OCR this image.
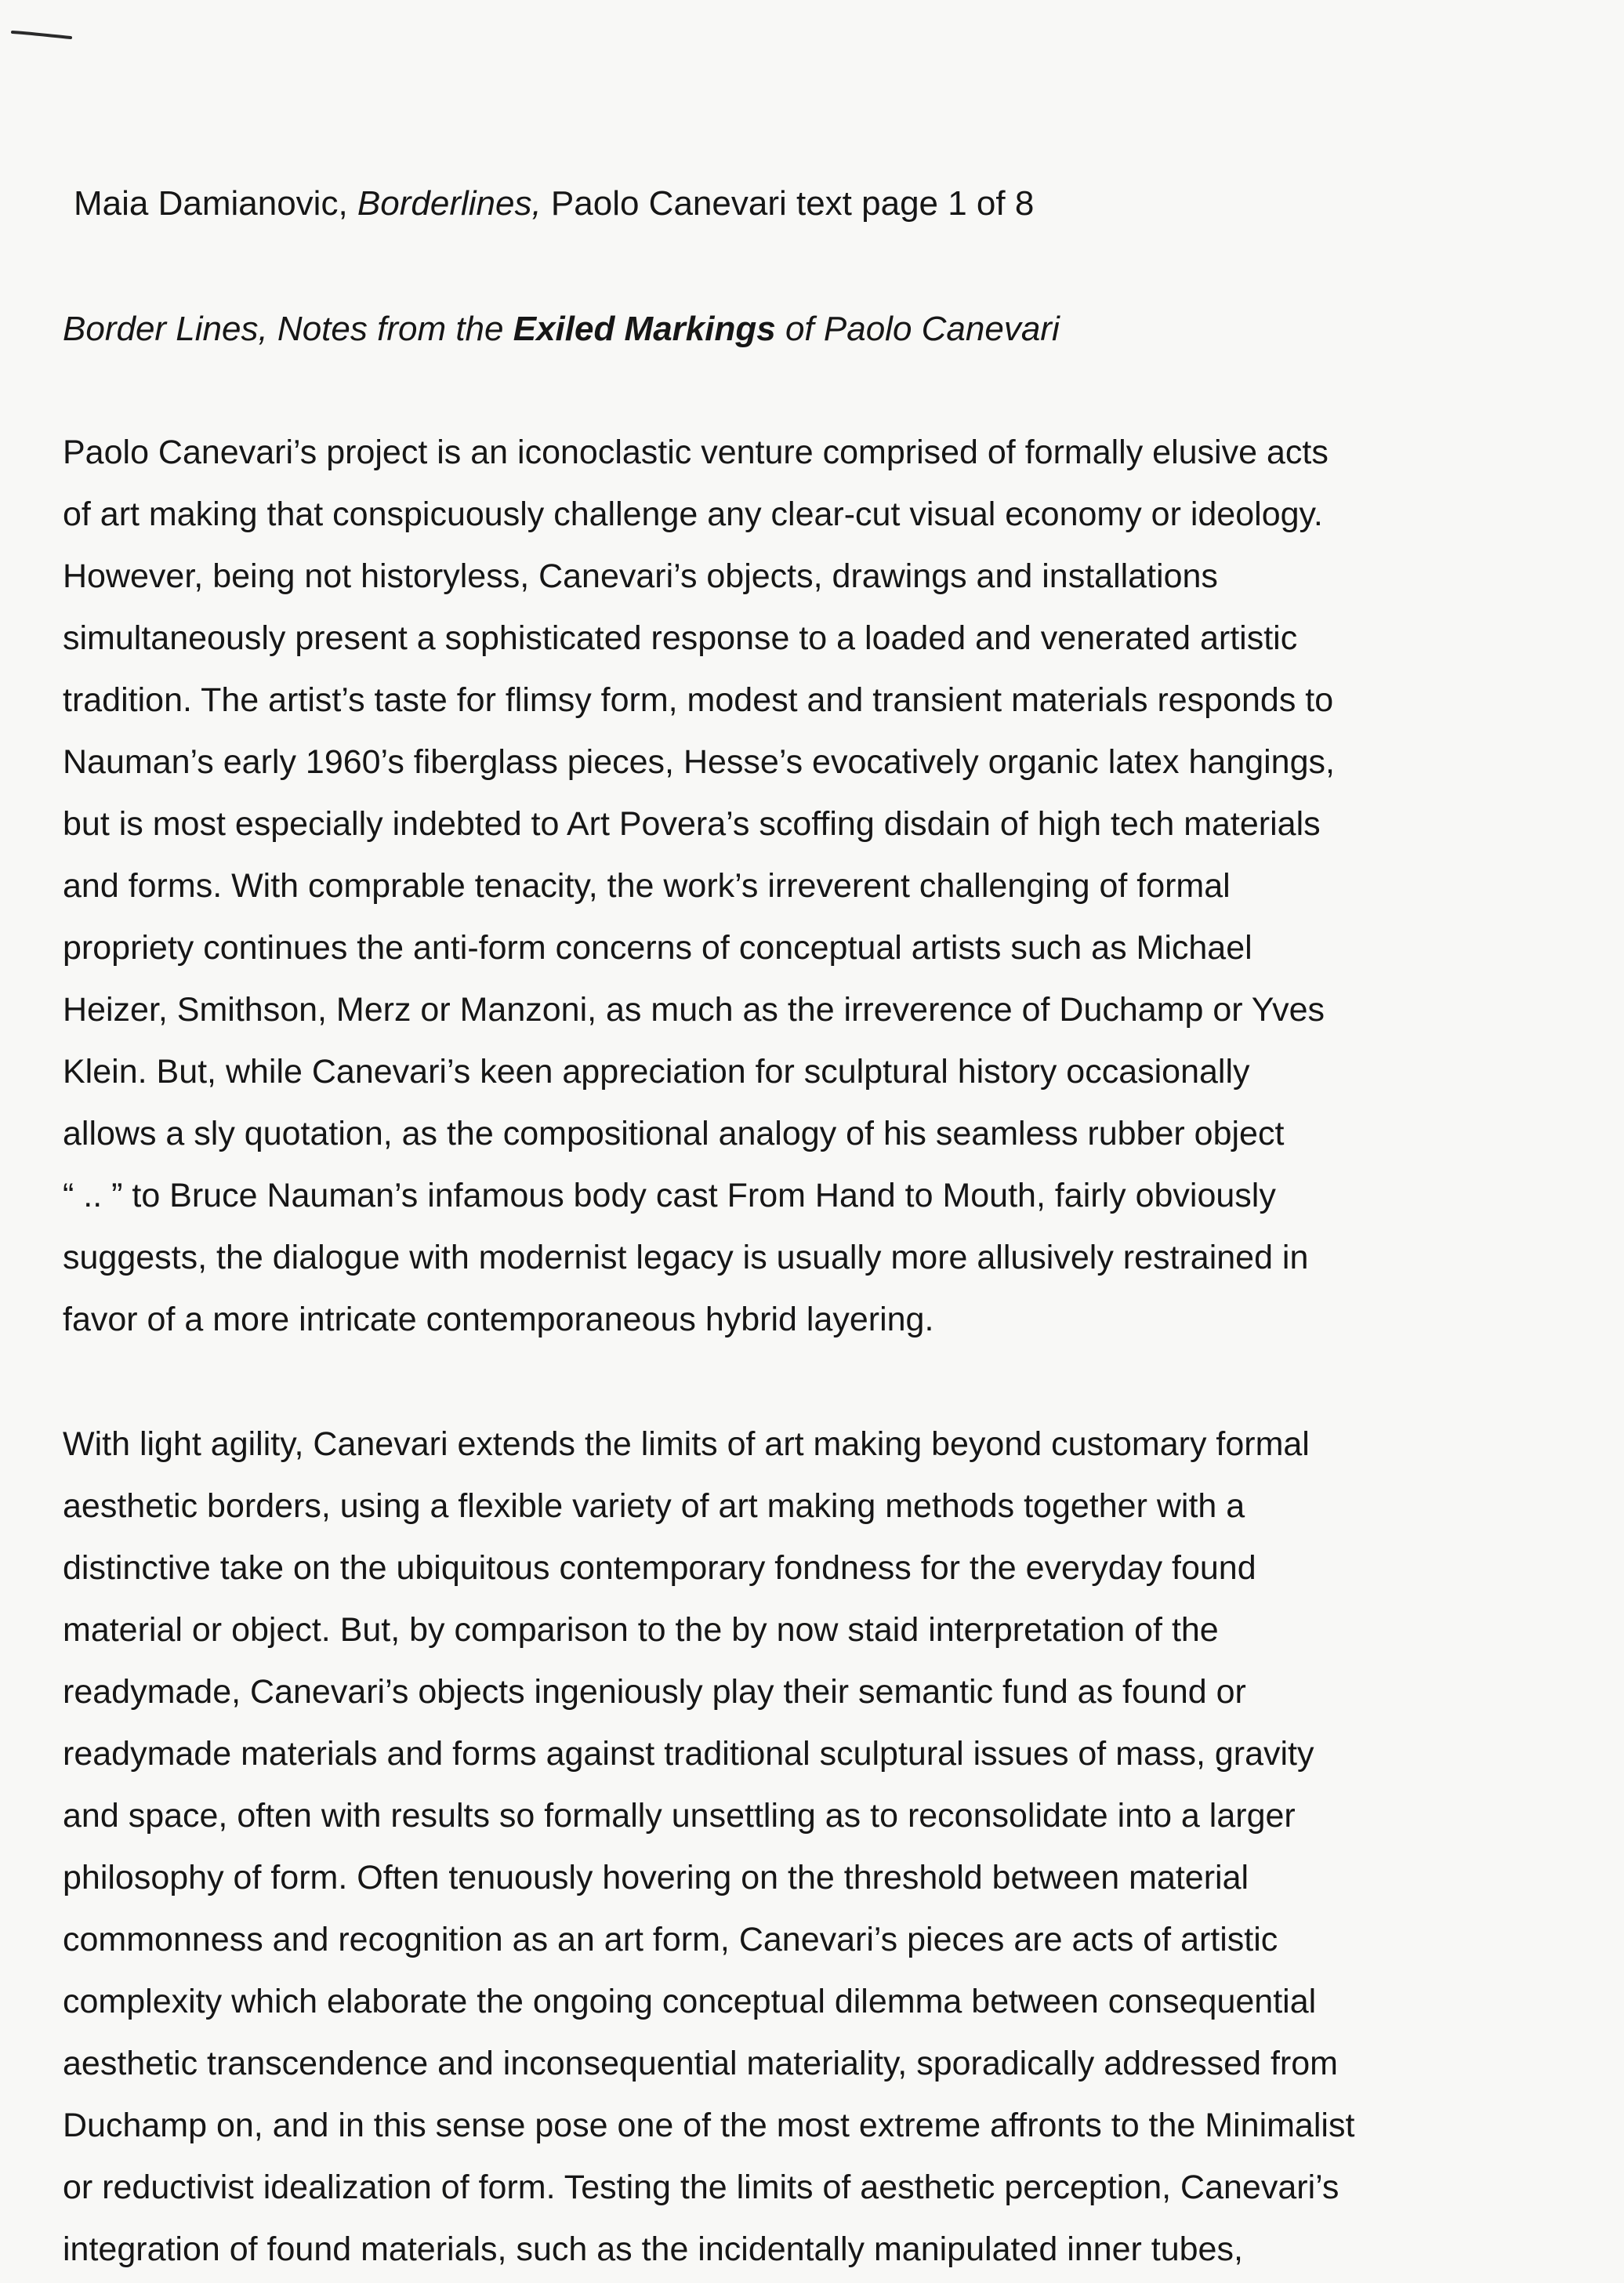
Maia Damianovic, Borderlines, Paolo Canevari text page 1 of 8
Border Lines, Notes from the Exiled Markings of Paolo Canevari
Paolo Canevari’s project is an iconoclastic venture comprised of formally elusive acts
of art making that conspicuously challenge any clear-cut visual economy or ideology.
However, being not historyless, Canevari’s objects, drawings and installations
simultaneously present a sophisticated response to a loaded and venerated artistic
tradition. The artist’s taste for flimsy form, modest and transient materials responds to
Nauman’s early 1960’s fiberglass pieces, Hesse’s evocatively organic latex hangings,
but is most especially indebted to Art Povera’s scoffing disdain of high tech materials
and forms. With comprable tenacity, the work’s irreverent challenging of formal
propriety continues the anti-form concerns of conceptual artists such as Michael
Heizer, Smithson, Merz or Manzoni, as much as the irreverence of Duchamp or Yves
Klein. But, while Canevari’s keen appreciation for sculptural history occasionally
allows a sly quotation, as the compositional analogy of his seamless rubber object
“ .. ” to Bruce Nauman’s infamous body cast From Hand to Mouth, fairly obviously
suggests, the dialogue with modernist legacy is usually more allusively restrained in
favor of a more intricate contemporaneous hybrid layering.
With light agility, Canevari extends the limits of art making beyond customary formal
aesthetic borders, using a flexible variety of art making methods together with a
distinctive take on the ubiquitous contemporary fondness for the everyday found
material or object. But, by comparison to the by now staid interpretation of the
readymade, Canevari’s objects ingeniously play their semantic fund as found or
readymade materials and forms against traditional sculptural issues of mass, gravity
and space, often with results so formally unsettling as to reconsolidate into a larger
philosophy of form. Often tenuously hovering on the threshold between material
commonness and recognition as an art form, Canevari’s pieces are acts of artistic
complexity which elaborate the ongoing conceptual dilemma between consequential
aesthetic transcendence and inconsequential materiality, sporadically addressed from
Duchamp on, and in this sense pose one of the most extreme affronts to the Minimalist
or reductivist idealization of form. Testing the limits of aesthetic perception, Canevari’s
integration of found materials, such as the incidentally manipulated inner tubes,
